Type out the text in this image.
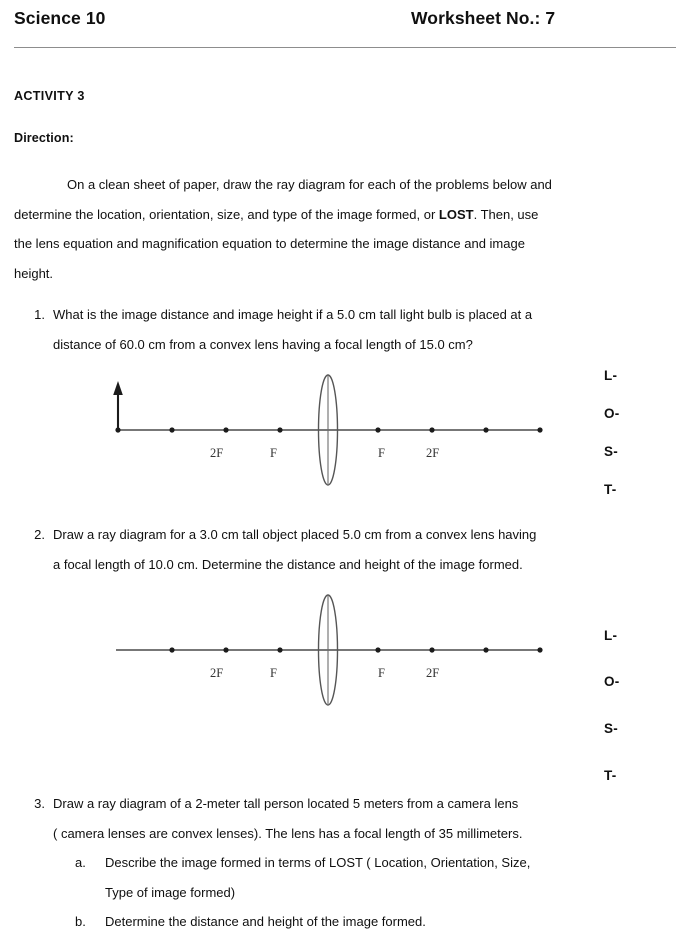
Science 10	Worksheet No.: 7
ACTIVITY 3
Direction:
On a clean sheet of paper, draw the ray diagram for each of the problems below and
determine the location, orientation, size, and type of the image formed, or LOST. Then, use
the lens equation and magnification equation to determine the image distance and image
height.
1. What is the image distance and image height if a 5.0 cm tall light bulb is placed at a
distance of 60.0 cm from a convex lens having a focal length of 15.0 cm?
2F	F	F	2F
L-
O-
S-
T-
2. Draw a ray diagram for a 3.0 cm tall object placed 5.0 cm from a convex lens having
a focal length of 10.0 cm. Determine the distance and height of the image formed.
2F	F	F	2F
L-
O-
S-
T-
3. Draw a ray diagram of a 2-meter tall person located 5 meters from a camera lens
( camera lenses are convex lenses). The lens has a focal length of 35 millimeters.
a.	Describe the image formed in terms of LOST ( Location, Orientation, Size,
Type of image formed)
b.	Determine the distance and height of the image formed.
